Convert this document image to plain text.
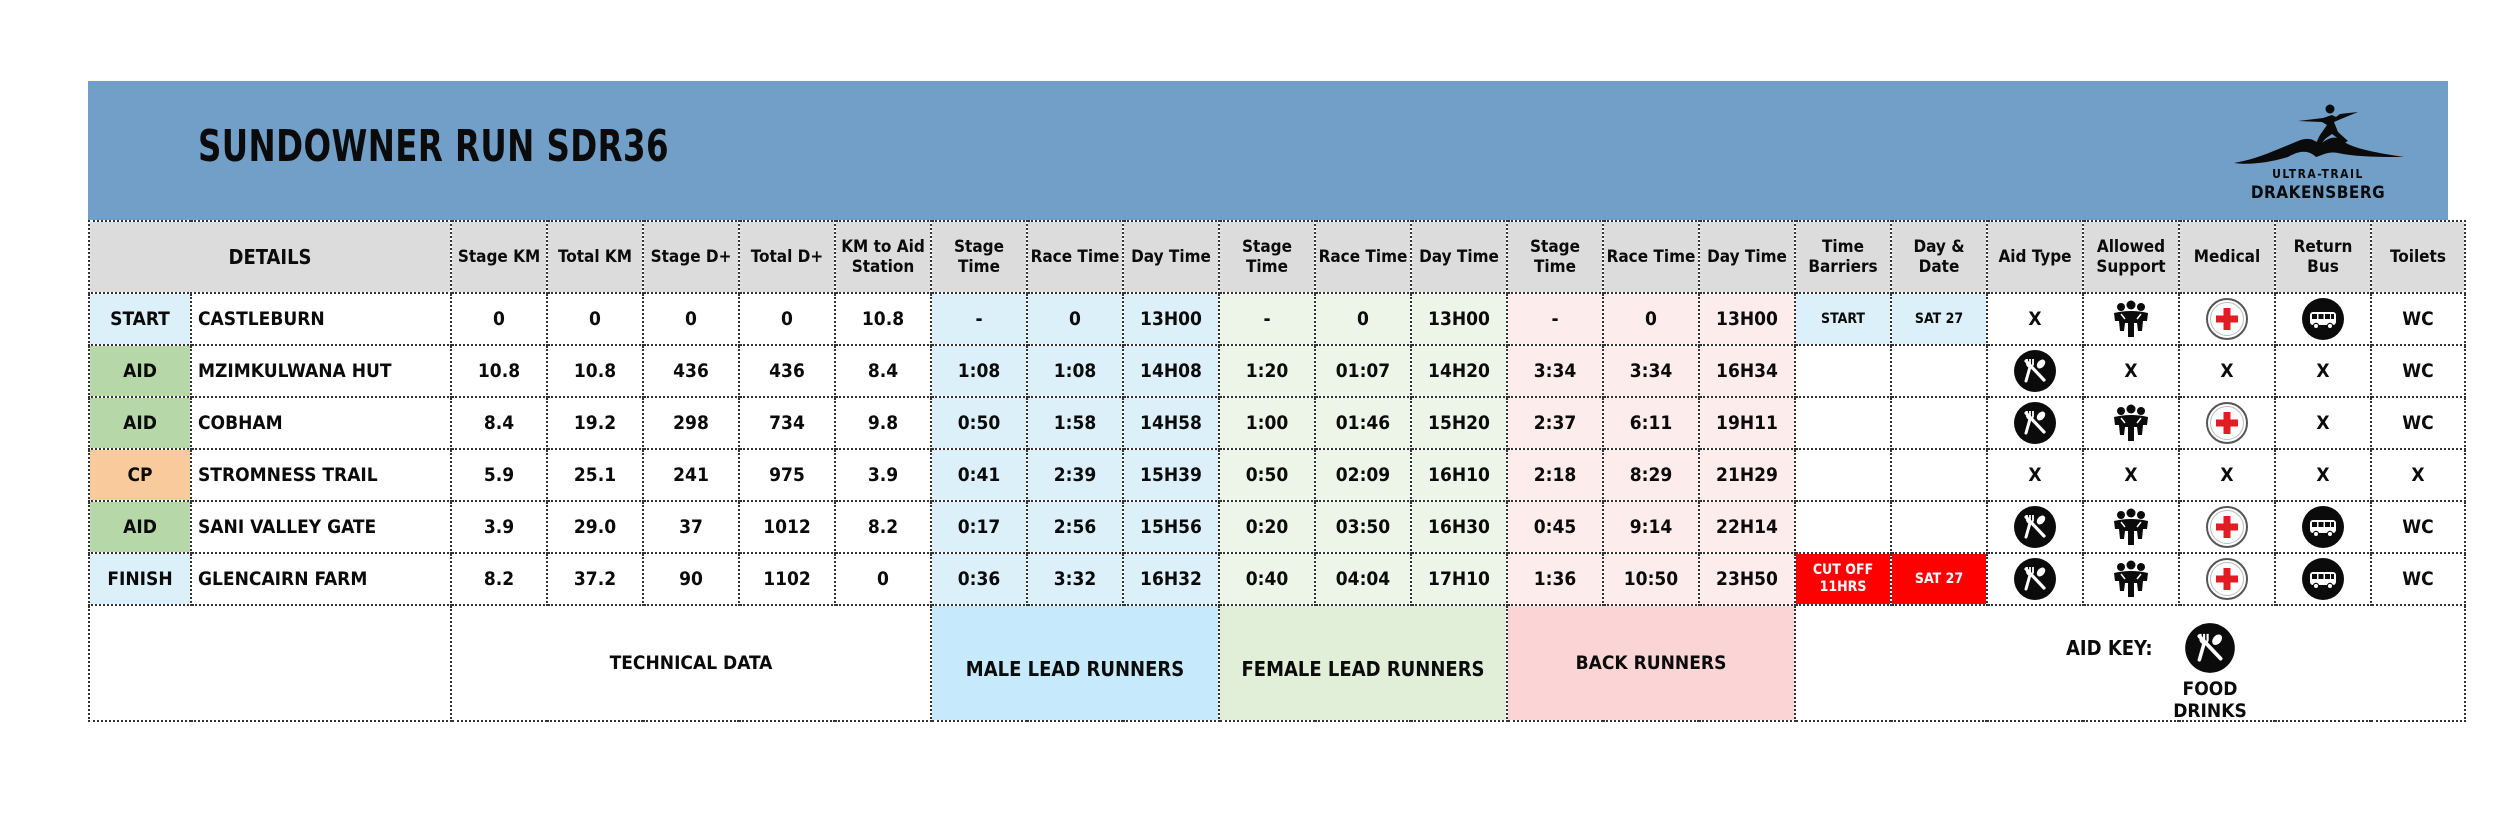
SUNDOWNER RUN SDR36
ULTRA-TRAIL
DRAKENSBERG
DETAILS		Stage KM	Total KM	Stage D+	Total D+	KM to Aid Station	Stage Time	Race Time	Day Time	Stage Time	Race Time	Day Time	Stage Time	Race Time	Day Time	Time Barriers	Day & Date	Aid Type	Allowed Support	Medical	Return Bus	Toilets
START	CASTLEBURN	0	0	0	0	10.8	-	0	13H00	-	0	13H00	-	0	13H00	START	SAT 27	X				WC
AID	MZIMKULWANA HUT	10.8	10.8	436	436	8.4	1:08	1:08	14H08	1:20	01:07	14H20	3:34	3:34	16H34				X	X	X	WC
AID	COBHAM	8.4	19.2	298	734	9.8	0:50	1:58	14H58	1:00	01:46	15H20	2:37	6:11	19H11						X	WC
CP	STROMNESS TRAIL	5.9	25.1	241	975	3.9	0:41	2:39	15H39	0:50	02:09	16H10	2:18	8:29	21H29			X	X	X	X	X
AID	SANI VALLEY GATE	3.9	29.0	37	1012	8.2	0:17	2:56	15H56	0:20	03:50	16H30	0:45	9:14	22H14							WC
FINISH	GLENCAIRN FARM	8.2	37.2	90	1102	0	0:36	3:32	16H32	0:40	04:04	17H10	1:36	10:50	23H50	CUT OFF 11HRS	SAT 27					WC
		TECHNICAL DATA					MALE LEAD RUNNERS			FEMALE LEAD RUNNERS			BACK RUNNERS			AID KEY:
FOOD
DRINKS						
